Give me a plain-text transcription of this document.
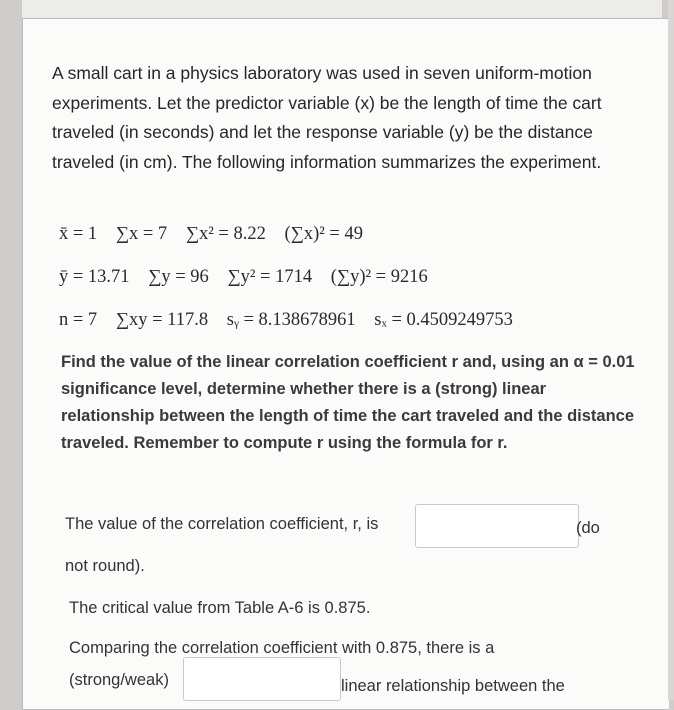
A small cart in a physics laboratory was used in seven uniform-motion experiments. Let the predictor variable (x) be the length of time the cart traveled (in seconds) and let the response variable (y) be the distance traveled (in cm). The following information summarizes the experiment.

x̄ = 1 ∑x = 7 ∑x² = 8.22 (∑x)² = 49
ȳ = 13.71 ∑y = 96 ∑y² = 1714 (∑y)² = 9216
n = 7 ∑xy = 117.8 sᵧ = 8.138678961 sₓ = 0.4509249753

Find the value of the linear correlation coefficient r and, using an α = 0.01 significance level, determine whether there is a (strong) linear relationship between the length of time the cart traveled and the distance traveled. Remember to compute r using the formula for r.

The value of the correlation coefficient, r, is	(do
not round).
The critical value from Table A-6 is 0.875.
Comparing the correlation coefficient with 0.875, there is a
(strong/weak)	linear relationship between the
